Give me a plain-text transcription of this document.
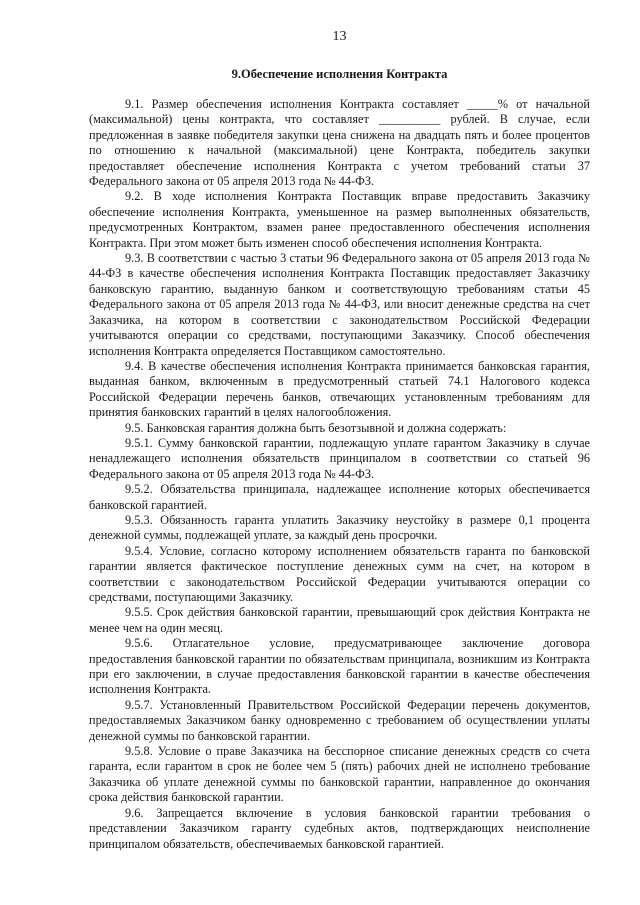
13
9.Обеспечение исполнения Контракта

9.1. Размер обеспечения исполнения Контракта составляет _____% от начальной (максимальной) цены контракта, что составляет __________ рублей. В случае, если предложенная в заявке победителя закупки цена снижена на двадцать пять и более процентов по отношению к начальной (максимальной) цене Контракта, победитель закупки предоставляет обеспечение исполнения Контракта с учетом требований статьи 37 Федерального закона от 05 апреля 2013 года № 44-ФЗ.

9.2. В ходе исполнения Контракта Поставщик вправе предоставить Заказчику обеспечение исполнения Контракта, уменьшенное на размер выполненных обязательств, предусмотренных Контрактом, взамен ранее предоставленного обеспечения исполнения Контракта. При этом может быть изменен способ обеспечения исполнения Контракта.

9.3. В соответствии с частью 3 статьи 96 Федерального закона от 05 апреля 2013 года № 44-ФЗ в качестве обеспечения исполнения Контракта Поставщик предоставляет Заказчику банковскую гарантию, выданную банком и соответствующую требованиям статьи 45 Федерального закона от 05 апреля 2013 года № 44-ФЗ, или вносит денежные средства на счет Заказчика, на котором в соответствии с законодательством Российской Федерации учитываются операции со средствами, поступающими Заказчику. Способ обеспечения исполнения Контракта определяется Поставщиком самостоятельно.

9.4. В качестве обеспечения исполнения Контракта принимается банковская гарантия, выданная банком, включенным в предусмотренный статьей 74.1 Налогового кодекса Российской Федерации перечень банков, отвечающих установленным требованиям для принятия банковских гарантий в целях налогообложения.

9.5. Банковская гарантия должна быть безотзывной и должна содержать:

9.5.1. Сумму банковской гарантии, подлежащую уплате гарантом Заказчику в случае ненадлежащего исполнения обязательств принципалом в соответствии со статьей 96 Федерального закона от 05 апреля 2013 года № 44-ФЗ.

9.5.2. Обязательства принципала, надлежащее исполнение которых обеспечивается банковской гарантией.

9.5.3. Обязанность гаранта уплатить Заказчику неустойку в размере 0,1 процента денежной суммы, подлежащей уплате, за каждый день просрочки.

9.5.4. Условие, согласно которому исполнением обязательств гаранта по банковской гарантии является фактическое поступление денежных сумм на счет, на котором в соответствии с законодательством Российской Федерации учитываются операции со средствами, поступающими Заказчику.

9.5.5. Срок действия банковской гарантии, превышающий срок действия Контракта не менее чем на один месяц.

9.5.6. Отлагательное условие, предусматривающее заключение договора предоставления банковской гарантии по обязательствам принципала, возникшим из Контракта при его заключении, в случае предоставления банковской гарантии в качестве обеспечения исполнения Контракта.

9.5.7. Установленный Правительством Российской Федерации перечень документов, предоставляемых Заказчиком банку одновременно с требованием об осуществлении уплаты денежной суммы по банковской гарантии.

9.5.8. Условие о праве Заказчика на бесспорное списание денежных средств со счета гаранта, если гарантом в срок не более чем 5 (пять) рабочих дней не исполнено требование Заказчика об уплате денежной суммы по банковской гарантии, направленное до окончания срока действия банковской гарантии.

9.6. Запрещается включение в условия банковской гарантии требования о представлении Заказчиком гаранту судебных актов, подтверждающих неисполнение принципалом обязательств, обеспечиваемых банковской гарантией.
